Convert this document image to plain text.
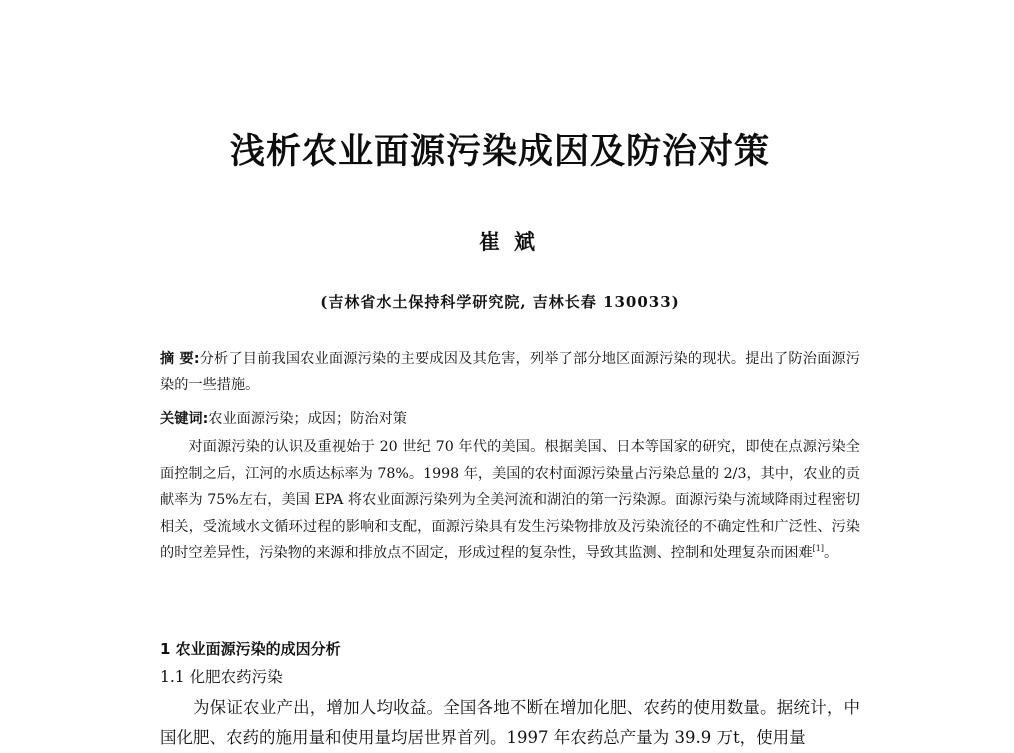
浅析农业面源污染成因及防治对策
崔斌
(吉林省水土保持科学研究院, 吉林长春 130033)
摘 要:分析了目前我国农业面源污染的主要成因及其危害，列举了部分地区面源污染的现状。提出了防治面源污染的一些措施。
关键词:农业面源污染；成因；防治对策
对面源污染的认识及重视始于 20 世纪 70 年代的美国。根据美国、日本等国家的研究，即使在点源污染全面控制之后，江河的水质达标率为 78%。1998 年，美国的农村面源污染量占污染总量的 2/3，其中，农业的贡献率为 75%左右，美国 EPA 将农业面源污染列为全美河流和湖泊的第一污染源。面源污染与流域降雨过程密切相关，受流域水文循环过程的影响和支配，面源污染具有发生污染物排放及污染流径的不确定性和广泛性、污染的时空差异性，污染物的来源和排放点不固定，形成过程的复杂性，导致其监测、控制和处理复杂而困难[1]。
1 农业面源污染的成因分析
1.1 化肥农药污染
为保证农业产出，增加人均收益。全国各地不断在增加化肥、农药的使用数量。据统计，中国化肥、农药的施用量和使用量均居世界首列。1997 年农药总产量为 39.9 万t，使用量
